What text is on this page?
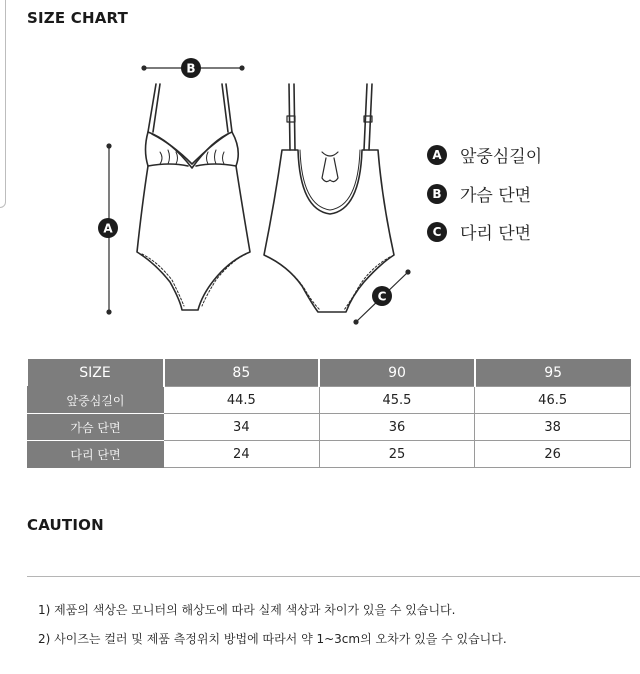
SIZE CHART
B
A
C
A	앞중심길이
B	가슴 단면
C	다리 단면
SIZE	85	90	95
앞중심길이	44.5	45.5	46.5
가슴 단면	34	36	38
다리 단면	24	25	26
CAUTION
1) 제품의 색상은 모니터의 해상도에 따라 실제 색상과 차이가 있을 수 있습니다.
2) 사이즈는 컬러 및 제품 측정위치 방법에 따라서 약 1~3cm의 오차가 있을 수 있습니다.
